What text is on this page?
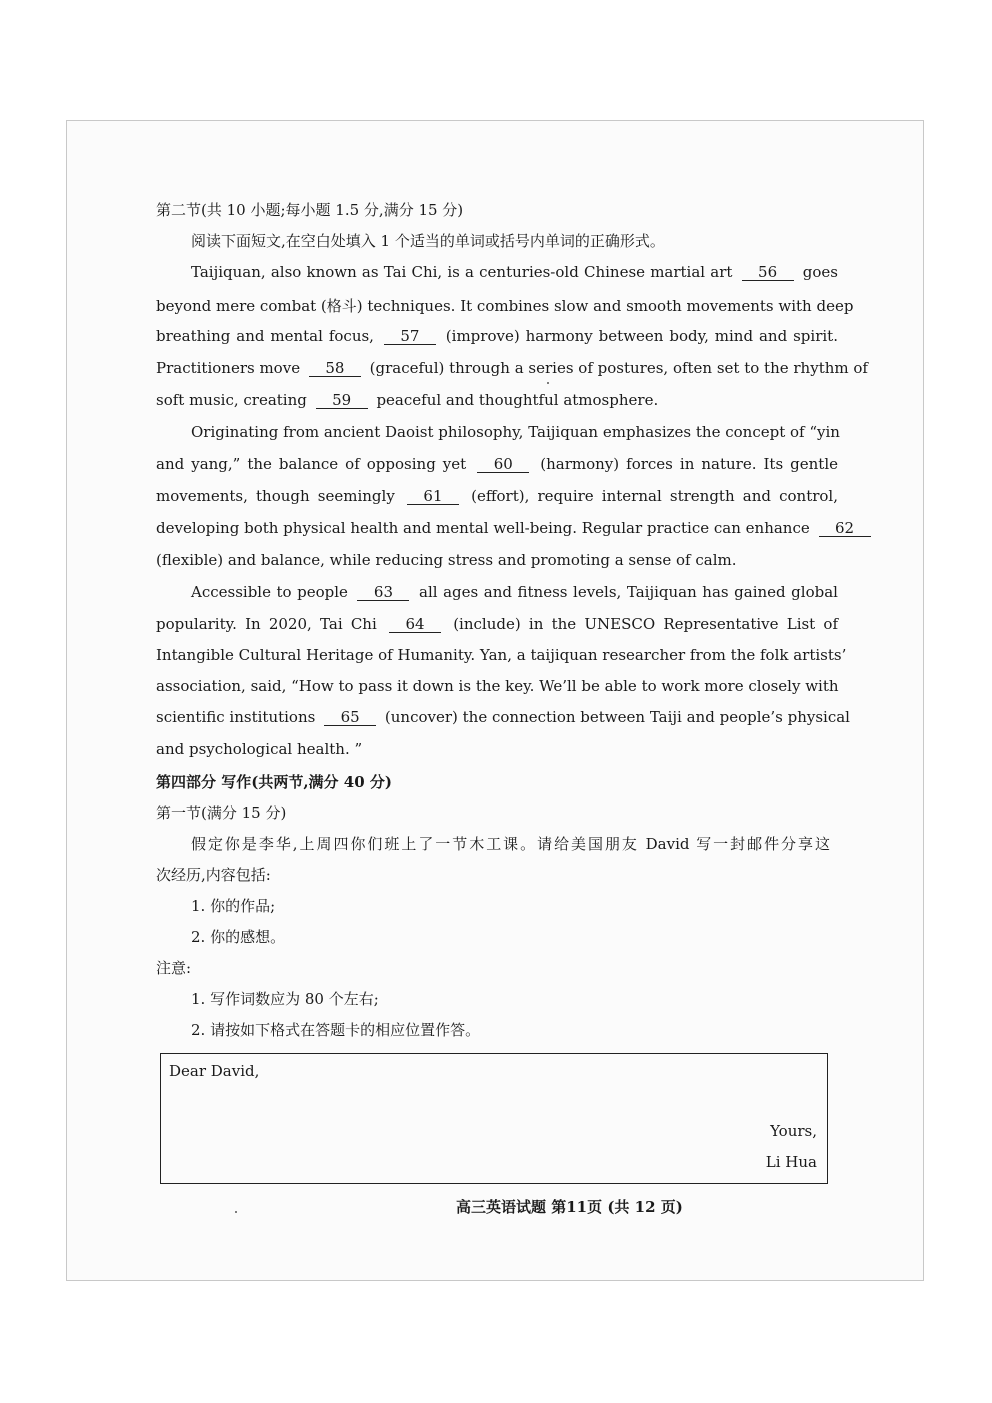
第二节(共 10 小题;每小题 1.5 分,满分 15 分)
阅读下面短文,在空白处填入 1 个适当的单词或括号内单词的正确形式。
Taijiquan, also known as Tai Chi, is a centuries-old Chinese martial art 56 goes
beyond mere combat (格斗) techniques. It combines slow and smooth movements with deep
breathing and mental focus, 57 (improve) harmony between body, mind and spirit.
Practitioners move 58 (graceful) through a series of postures, often set to the rhythm of
soft music, creating 59 peaceful and thoughtful atmosphere.
Originating from ancient Daoist philosophy, Taijiquan emphasizes the concept of “yin
and yang,” the balance of opposing yet 60 (harmony) forces in nature. Its gentle
movements, though seemingly 61 (effort), require internal strength and control,
developing both physical health and mental well-being. Regular practice can enhance 62
(flexible) and balance, while reducing stress and promoting a sense of calm.
Accessible to people 63 all ages and fitness levels, Taijiquan has gained global
popularity. In 2020, Tai Chi 64 (include) in the UNESCO Representative List of
Intangible Cultural Heritage of Humanity. Yan, a taijiquan researcher from the folk artists’
association, said, “How to pass it down is the key. We’ll be able to work more closely with
scientific institutions 65 (uncover) the connection between Taiji and people’s physical
and psychological health. ”
第四部分 写作(共两节,满分 40 分)
第一节(满分 15 分)
假定你是李华,上周四你们班上了一节木工课。请给美国朋友 David 写一封邮件分享这
次经历,内容包括:
1. 你的作品;
2. 你的感想。
注意:
1. 写作词数应为 80 个左右;
2. 请按如下格式在答题卡的相应位置作答。
Dear David,
Yours,
Li Hua
高三英语试题 第11页 (共 12 页)
